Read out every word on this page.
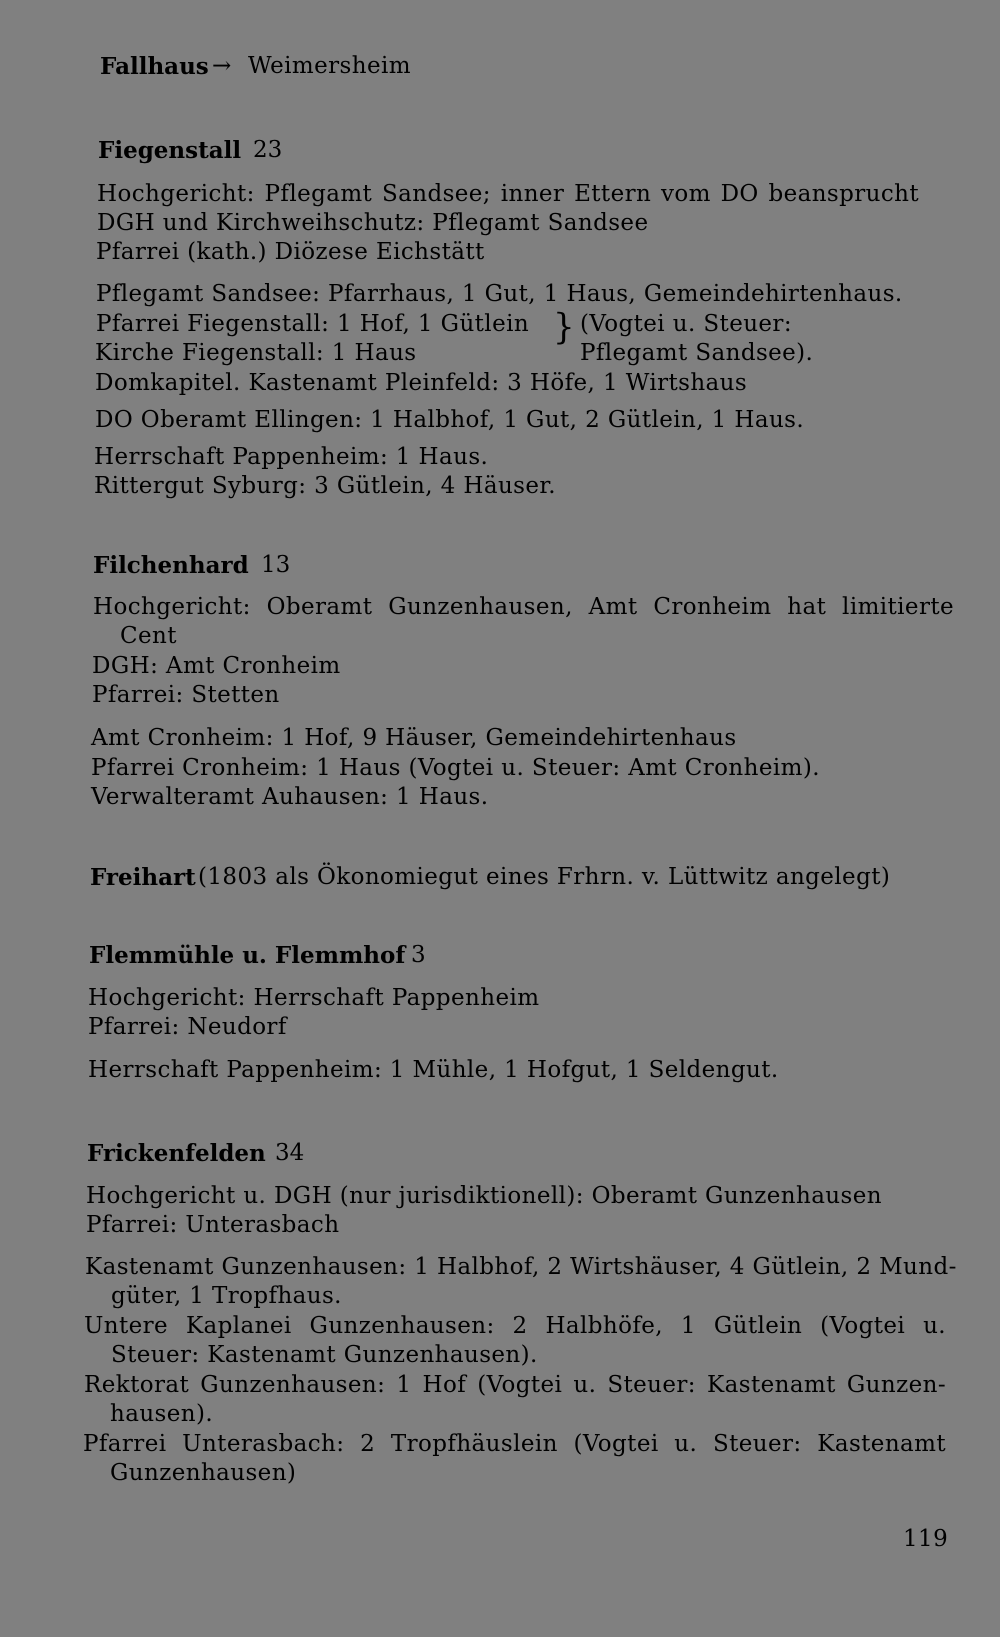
Fallhaus → Weimersheim
Fiegenstall 23
Hochgericht: Pflegamt Sandsee; inner Ettern vom DO beansprucht
DGH und Kirchweihschutz: Pflegamt Sandsee
Pfarrei (kath.) Diözese Eichstätt
Pflegamt Sandsee: Pfarrhaus, 1 Gut, 1 Haus, Gemeindehirtenhaus.
Pfarrei Fiegenstall: 1 Hof, 1 Gütlein
Kirche Fiegenstall: 1 Haus
} (Vogtei u. Steuer:
Pflegamt Sandsee).
Domkapitel. Kastenamt Pleinfeld: 3 Höfe, 1 Wirtshaus
DO Oberamt Ellingen: 1 Halbhof, 1 Gut, 2 Gütlein, 1 Haus.
Herrschaft Pappenheim: 1 Haus.
Rittergut Syburg: 3 Gütlein, 4 Häuser.
Filchenhard 13
Hochgericht: Oberamt Gunzenhausen, Amt Cronheim hat limitierte
Cent
DGH: Amt Cronheim
Pfarrei: Stetten
Amt Cronheim: 1 Hof, 9 Häuser, Gemeindehirtenhaus
Pfarrei Cronheim: 1 Haus (Vogtei u. Steuer: Amt Cronheim).
Verwalteramt Auhausen: 1 Haus.
Freihart (1803 als Ökonomiegut eines Frhrn. v. Lüttwitz angelegt)
Flemmühle u. Flemmhof 3
Hochgericht: Herrschaft Pappenheim
Pfarrei: Neudorf
Herrschaft Pappenheim: 1 Mühle, 1 Hofgut, 1 Seldengut.
Frickenfelden 34
Hochgericht u. DGH (nur jurisdiktionell): Oberamt Gunzenhausen
Pfarrei: Unterasbach
Kastenamt Gunzenhausen: 1 Halbhof, 2 Wirtshäuser, 4 Gütlein, 2 Mund-
güter, 1 Tropfhaus.
Untere Kaplanei Gunzenhausen: 2 Halbhöfe, 1 Gütlein (Vogtei u.
Steuer: Kastenamt Gunzenhausen).
Rektorat Gunzenhausen: 1 Hof (Vogtei u. Steuer: Kastenamt Gunzen-
hausen).
Pfarrei Unterasbach: 2 Tropfhäuslein (Vogtei u. Steuer: Kastenamt
Gunzenhausen)
119
